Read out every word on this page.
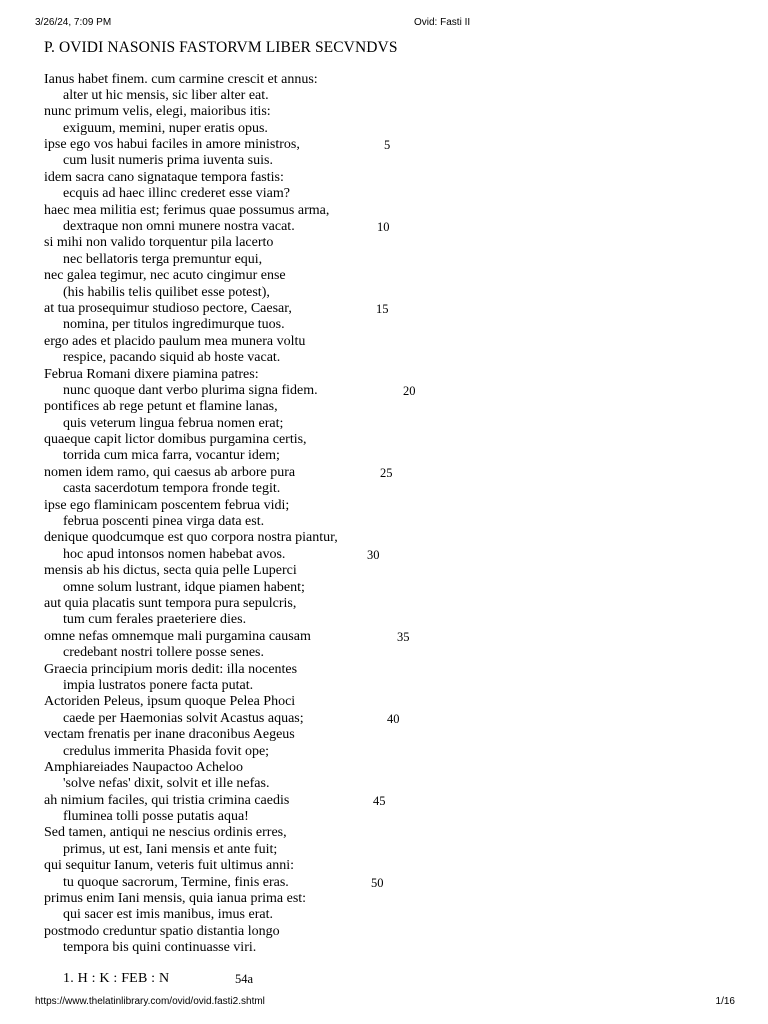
3/26/24, 7:09 PM	Ovid: Fasti II
P. OVIDI NASONIS FASTORVM LIBER SECVNDVS
Ianus habet finem. cum carmine crescit et annus:
alter ut hic mensis, sic liber alter eat.
nunc primum velis, elegi, maioribus itis:
exiguum, memini, nuper eratis opus.
ipse ego vos habui faciles in amore ministros,	5
cum lusit numeris prima iuventa suis.
idem sacra cano signataque tempora fastis:
ecquis ad haec illinc crederet esse viam?
haec mea militia est; ferimus quae possumus arma,
dextraque non omni munere nostra vacat.	10
si mihi non valido torquentur pila lacerto
nec bellatoris terga premuntur equi,
nec galea tegimur, nec acuto cingimur ense
(his habilis telis quilibet esse potest),
at tua prosequimur studioso pectore, Caesar,	15
nomina, per titulos ingredimurque tuos.
ergo ades et placido paulum mea munera voltu
respice, pacando siquid ab hoste vacat.
Februa Romani dixere piamina patres:
nunc quoque dant verbo plurima signa fidem.	20
pontifices ab rege petunt et flamine lanas,
quis veterum lingua februa nomen erat;
quaeque capit lictor domibus purgamina certis,
torrida cum mica farra, vocantur idem;
nomen idem ramo, qui caesus ab arbore pura	25
casta sacerdotum tempora fronde tegit.
ipse ego flaminicam poscentem februa vidi;
februa poscenti pinea virga data est.
denique quodcumque est quo corpora nostra piantur,
hoc apud intonsos nomen habebat avos.	30
mensis ab his dictus, secta quia pelle Luperci
omne solum lustrant, idque piamen habent;
aut quia placatis sunt tempora pura sepulcris,
tum cum ferales praeteriere dies.
omne nefas omnemque mali purgamina causam	35
credebant nostri tollere posse senes.
Graecia principium moris dedit: illa nocentes
impia lustratos ponere facta putat.
Actoriden Peleus, ipsum quoque Pelea Phoci
caede per Haemonias solvit Acastus aquas;	40
vectam frenatis per inane draconibus Aegeus
credulus immerita Phasida fovit ope;
Amphiareiades Naupactoo Acheloo
'solve nefas' dixit, solvit et ille nefas.
ah nimium faciles, qui tristia crimina caedis	45
fluminea tolli posse putatis aqua!
Sed tamen, antiqui ne nescius ordinis erres,
primus, ut est, Iani mensis et ante fuit;
qui sequitur Ianum, veteris fuit ultimus anni:
tu quoque sacrorum, Termine, finis eras.	50
primus enim Iani mensis, quia ianua prima est:
qui sacer est imis manibus, imus erat.
postmodo creduntur spatio distantia longo
tempora bis quini continuasse viri.
1. H : K : FEB : N	54a
https://www.thelatinlibrary.com/ovid/ovid.fasti2.shtml	1/16
